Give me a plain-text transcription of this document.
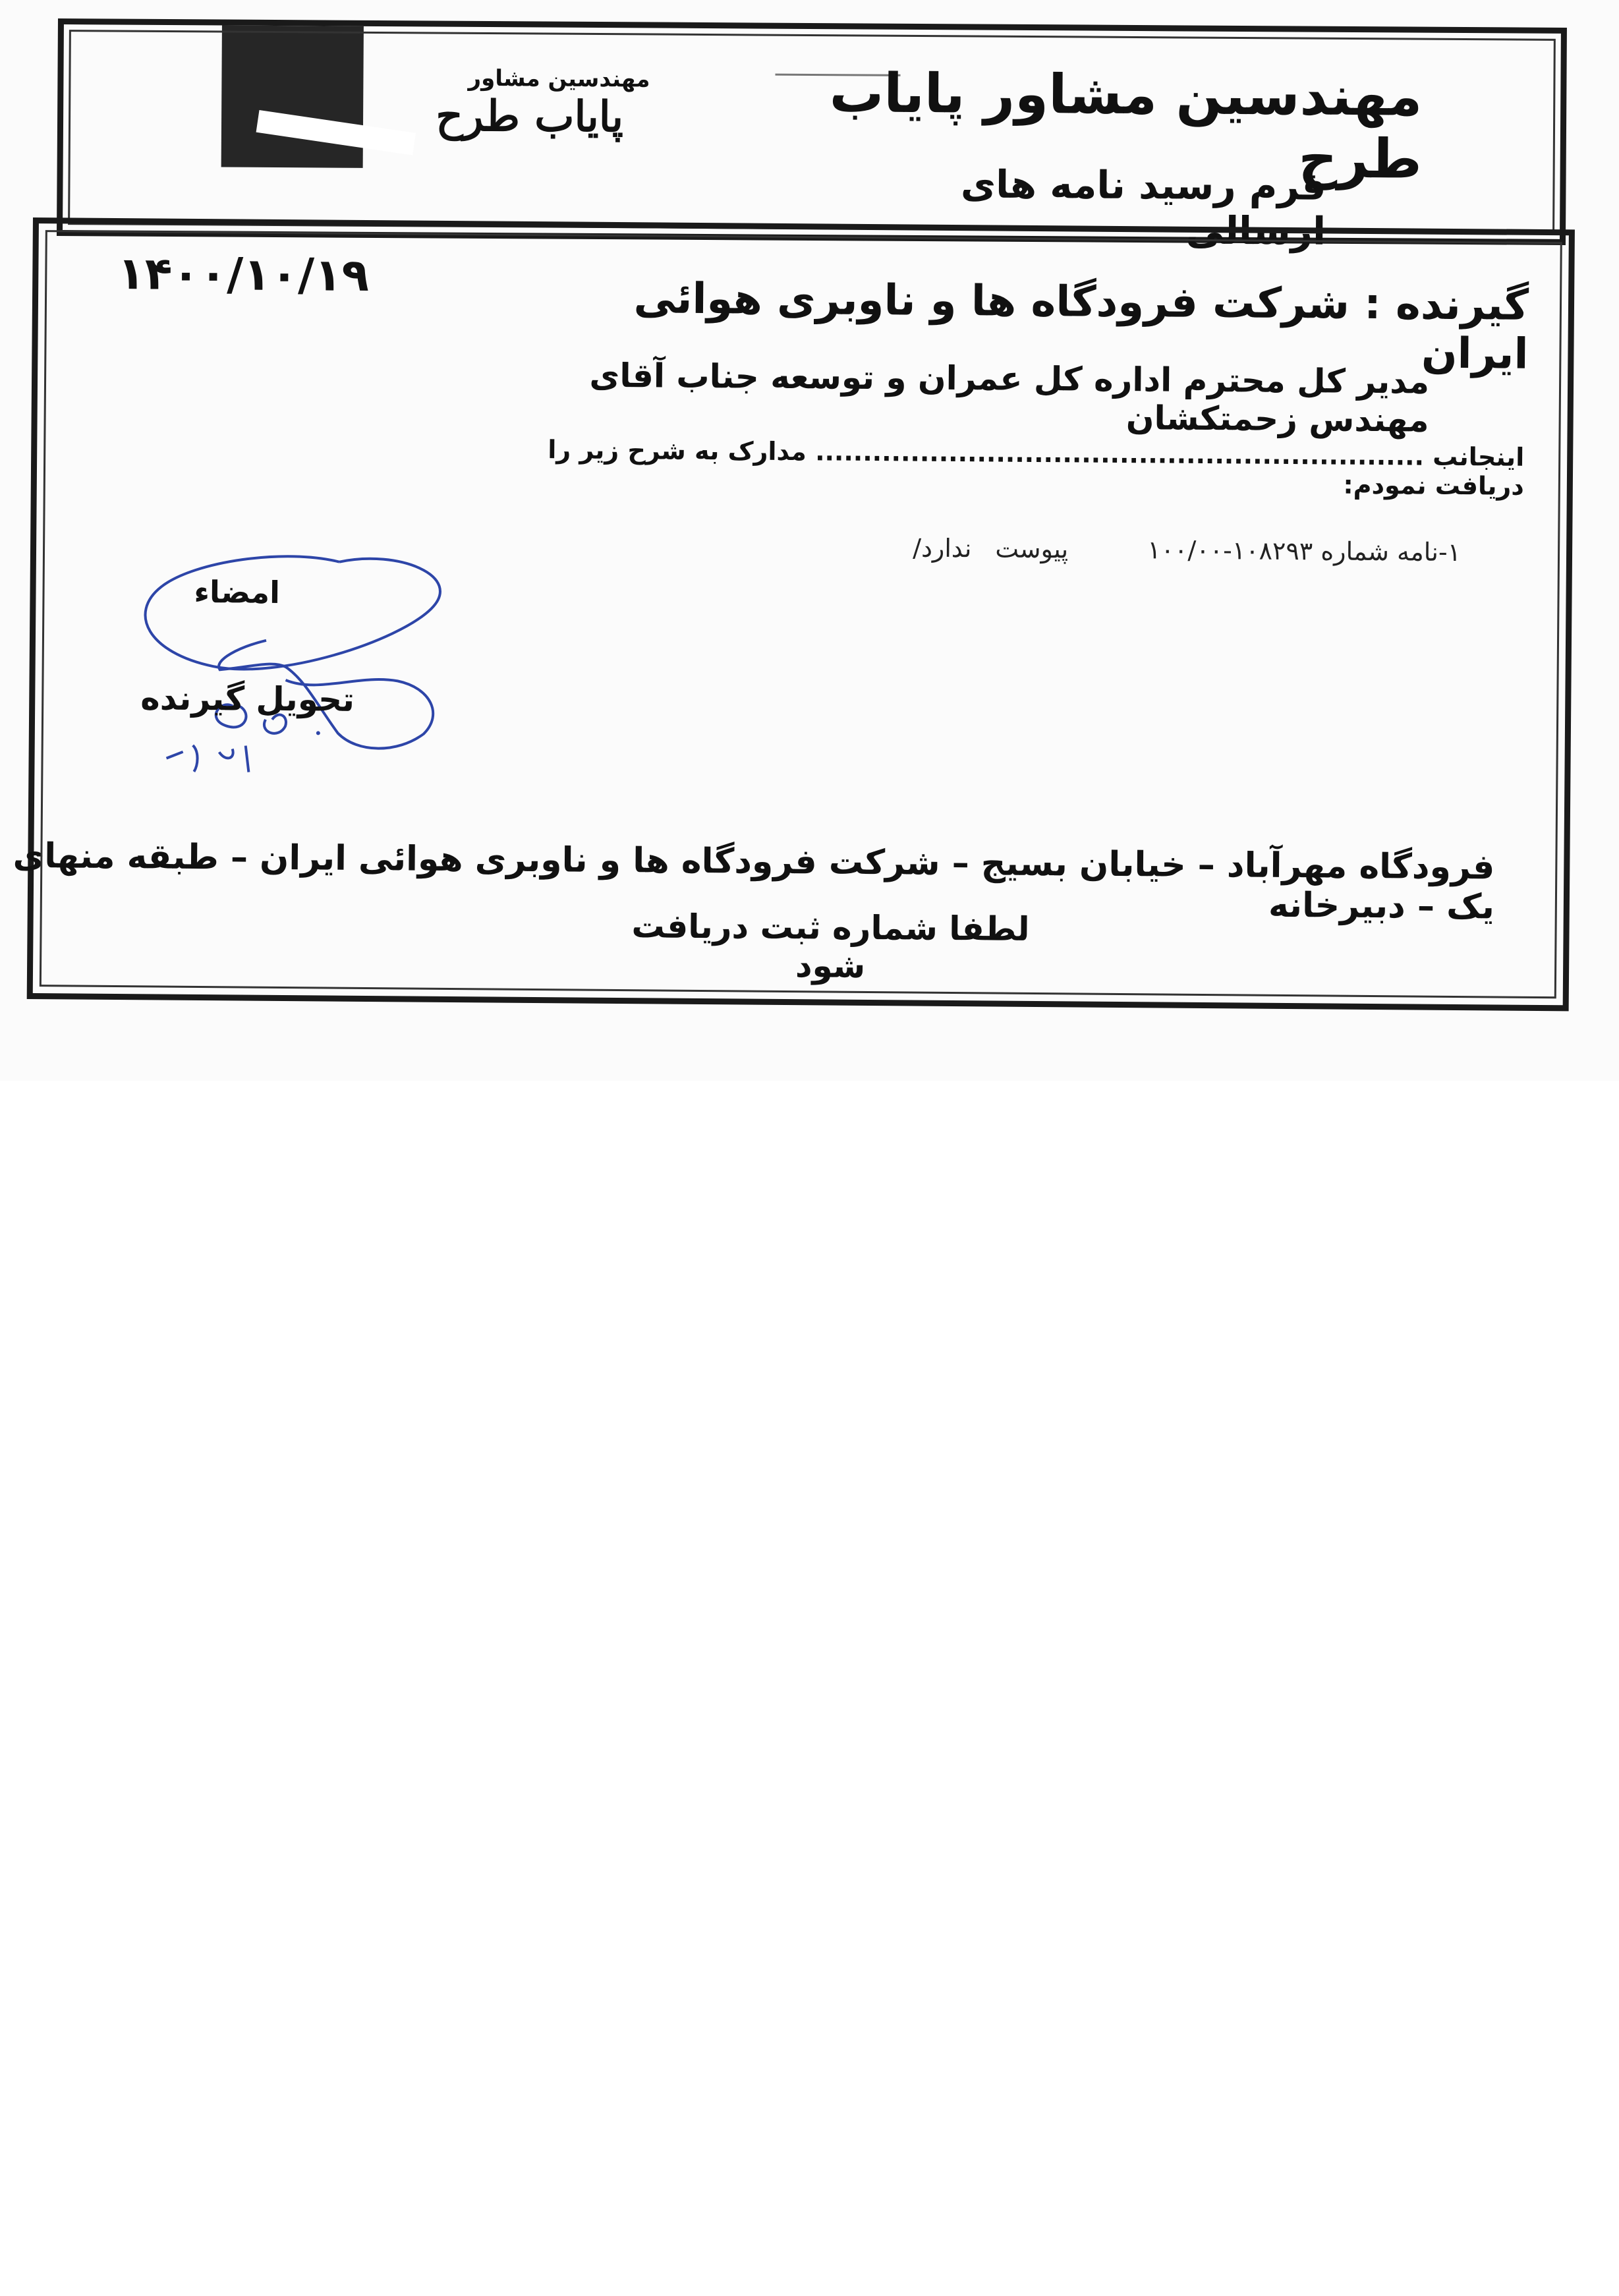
مهندسین مشاور
پایاب طرح	مهندسین مشاور پایاب طرح
فرم رسید نامه های ارسالی
۱۴۰۰/۱۰/۱۹	گیرنده : شرکت فرودگاه ها و ناوبری هوائی ایران
مدیر کل محترم اداره کل عمران و توسعه جناب آقای مهندس زحمتکشان
اینجانب ................................................................ مدارک به شرح زیر را دریافت نمودم:
۱-نامه شماره ۱۰۸۲۹۳-۱۰۰/۰۰پیوستندارد/
امضاء
تحویل گیرنده
فرودگاه مهرآباد – خیابان بسیج – شرکت فرودگاه ها و ناوبری هوائی ایران – طبقه منهای یک – دبیرخانه
لطفا شماره ثبت دریافت شود
